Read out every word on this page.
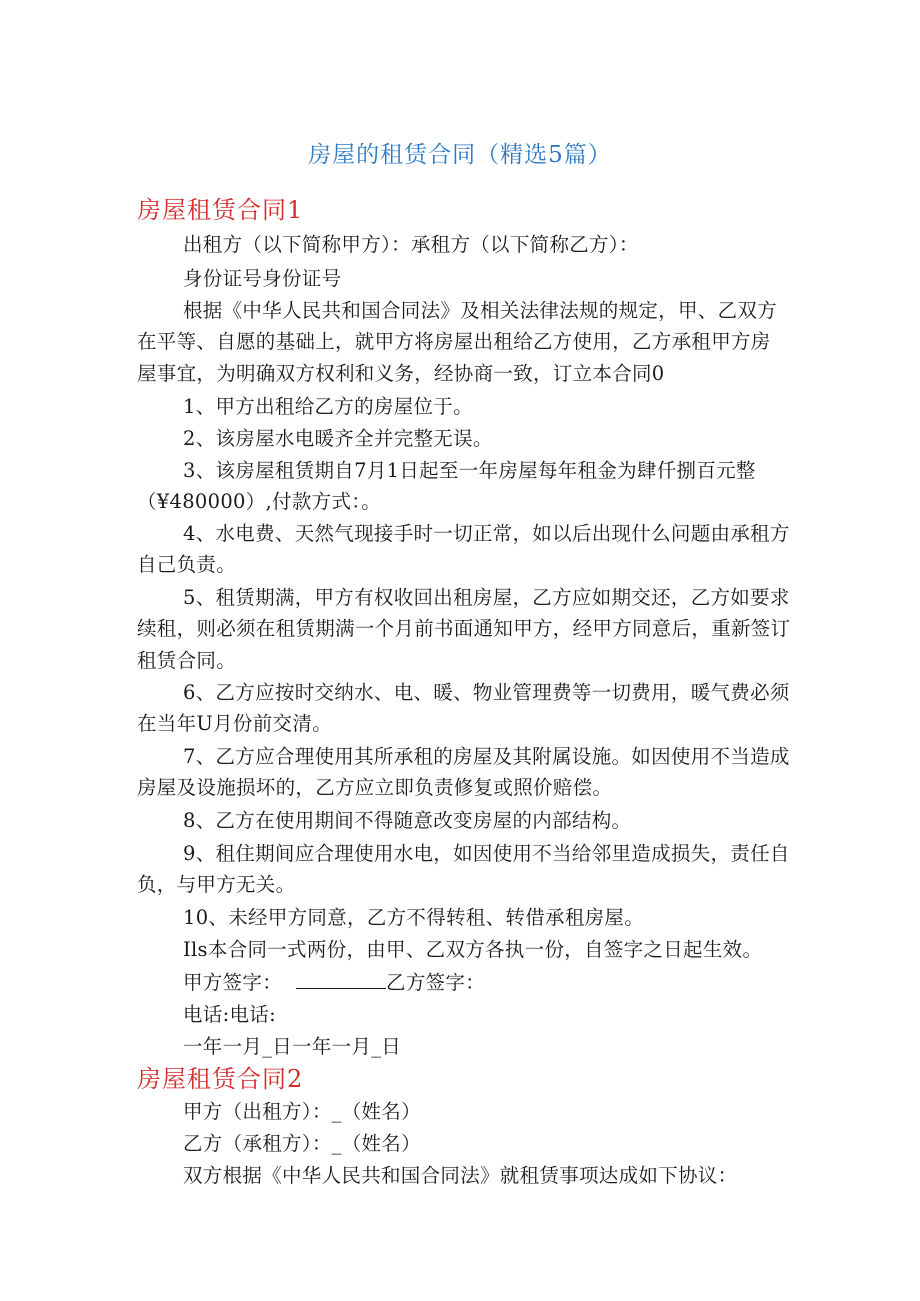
房屋的租赁合同（精选5篇）
房屋租赁合同1
出租方（以下简称甲方）：承租方（以下简称乙方）：
身份证号身份证号
根据《中华人民共和国合同法》及相关法律法规的规定，甲、乙双方
在平等、自愿的基础上，就甲方将房屋出租给乙方使用，乙方承租甲方房
屋事宜，为明确双方权利和义务，经协商一致，订立本合同0
1、甲方出租给乙方的房屋位于。
2、该房屋水电暖齐全并完整无误。
3、该房屋租赁期自7月1日起至一年房屋每年租金为肆仟捌百元整
（¥480000）,付款方式：。
4、水电费、天然气现接手时一切正常，如以后出现什么问题由承租方
自己负责。
5、租赁期满，甲方有权收回出租房屋，乙方应如期交还，乙方如要求
续租，则必须在租赁期满一个月前书面通知甲方，经甲方同意后，重新签订
租赁合同。
6、乙方应按时交纳水、电、暖、物业管理费等一切费用，暖气费必须
在当年U月份前交清。
7、乙方应合理使用其所承租的房屋及其附属设施。如因使用不当造成
房屋及设施损坏的，乙方应立即负责修复或照价赔偿。
8、乙方在使用期间不得随意改变房屋的内部结构。
9、租住期间应合理使用水电，如因使用不当给邻里造成损失，责任自
负，与甲方无关。
10、未经甲方同意，乙方不得转租、转借承租房屋。
Ils本合同一式两份，由甲、乙双方各执一份，自签字之日起生效。
甲方签字：	乙方签字：
电话:电话:
一年一月_日一年一月_日
房屋租赁合同2
甲方（出租方）：_（姓名）
乙方（承租方）：_（姓名）
双方根据《中华人民共和国合同法》就租赁事项达成如下协议：
